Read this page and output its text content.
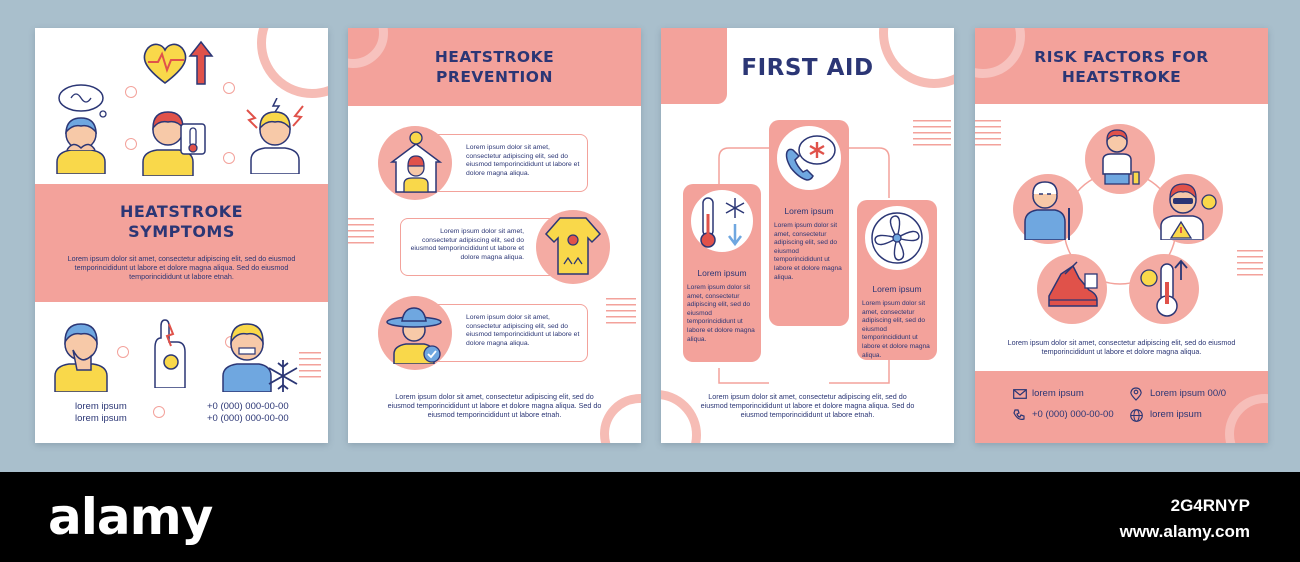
HEATSTROKE SYMPTOMS
Lorem ipsum dolor sit amet, consectetur adipiscing elit, sed do eiusmod temporincididunt ut labore et dolore magna aliqua. Sed do eiusmod temporincididunt ut labore etnah.
lorem ipsum
lorem ipsum
+0 (000) 000-00-00
+0 (000) 000-00-00
HEATSTROKE PREVENTION
Lorem ipsum dolor sit amet, consectetur adipiscing elit, sed do eiusmod temporincididunt ut labore et dolore magna aliqua.
Lorem ipsum dolor sit amet, consectetur adipiscing elit, sed do eiusmod temporincididunt ut labore et dolore magna aliqua.
Lorem ipsum dolor sit amet, consectetur adipiscing elit, sed do eiusmod temporincididunt ut labore et dolore magna aliqua.
Lorem ipsum dolor sit amet, consectetur adipiscing elit, sed do eiusmod temporincididunt ut labore et dolore magna aliqua. Sed do eiusmod temporincididunt ut labore etnah.
FIRST AID
Lorem ipsum
Lorem ipsum dolor sit amet, consectetur adipiscing elit, sed do eiusmod temporincididunt ut labore et dolore magna aliqua.
Lorem ipsum
Lorem ipsum dolor sit amet, consectetur adipiscing elit, sed do eiusmod temporincididunt ut labore et dolore magna aliqua.
Lorem ipsum
Lorem ipsum dolor sit amet, consectetur adipiscing elit, sed do eiusmod temporincididunt ut labore et dolore magna aliqua.
Lorem ipsum dolor sit amet, consectetur adipiscing elit, sed do eiusmod temporincididunt ut labore et dolore magna aliqua. Sed do eiusmod temporincididunt ut labore etnah.
RISK FACTORS FOR HEATSTROKE
Lorem ipsum dolor sit amet, consectetur adipiscing elit, sed do eiusmod temporincididunt ut labore et dolore magna aliqua.
lorem ipsum
+0 (000) 000-00-00
Lorem ipsum 00/0
lorem ipsum
alamy	2G4RNYP
www.alamy.com
